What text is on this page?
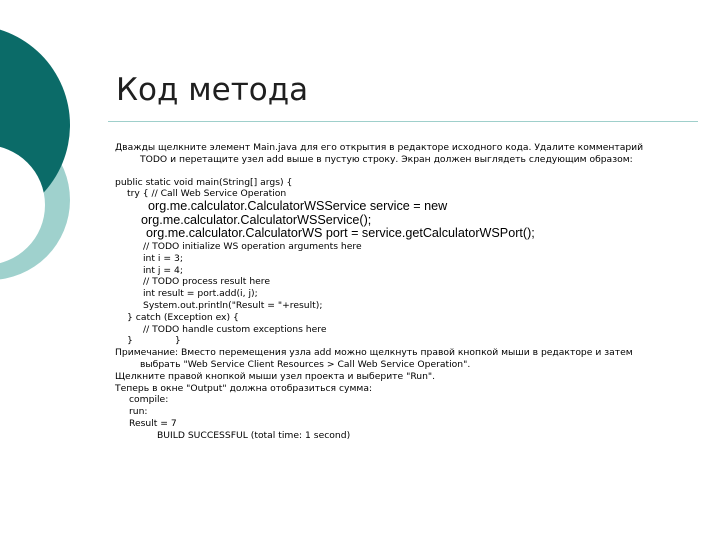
Код метода
Дважды щелкните элемент Main.java для его открытия в редакторе исходного кода. Удалите комментарий
TODO и перетащите узел add выше в пустую строку. Экран должен выглядеть следующим образом:
public static void main(String[] args) {
try { // Call Web Service Operation
org.me.calculator.CalculatorWSService service = new
org.me.calculator.CalculatorWSService();
org.me.calculator.CalculatorWS port = service.getCalculatorWSPort();
// TODO initialize WS operation arguments here
int i = 3;
int j = 4;
// TODO process result here
int result = port.add(i, j);
System.out.println("Result = "+result);
} catch (Exception ex) {
// TODO handle custom exceptions here
}	}
Примечание: Вместо перемещения узла add можно щелкнуть правой кнопкой мыши в редакторе и затем
выбрать "Web Service Client Resources > Call Web Service Operation".
Щелкните правой кнопкой мыши узел проекта и выберите "Run".
Теперь в окне "Output" должна отобразиться сумма:
compile:
run:
Result = 7
BUILD SUCCESSFUL (total time: 1 second)
